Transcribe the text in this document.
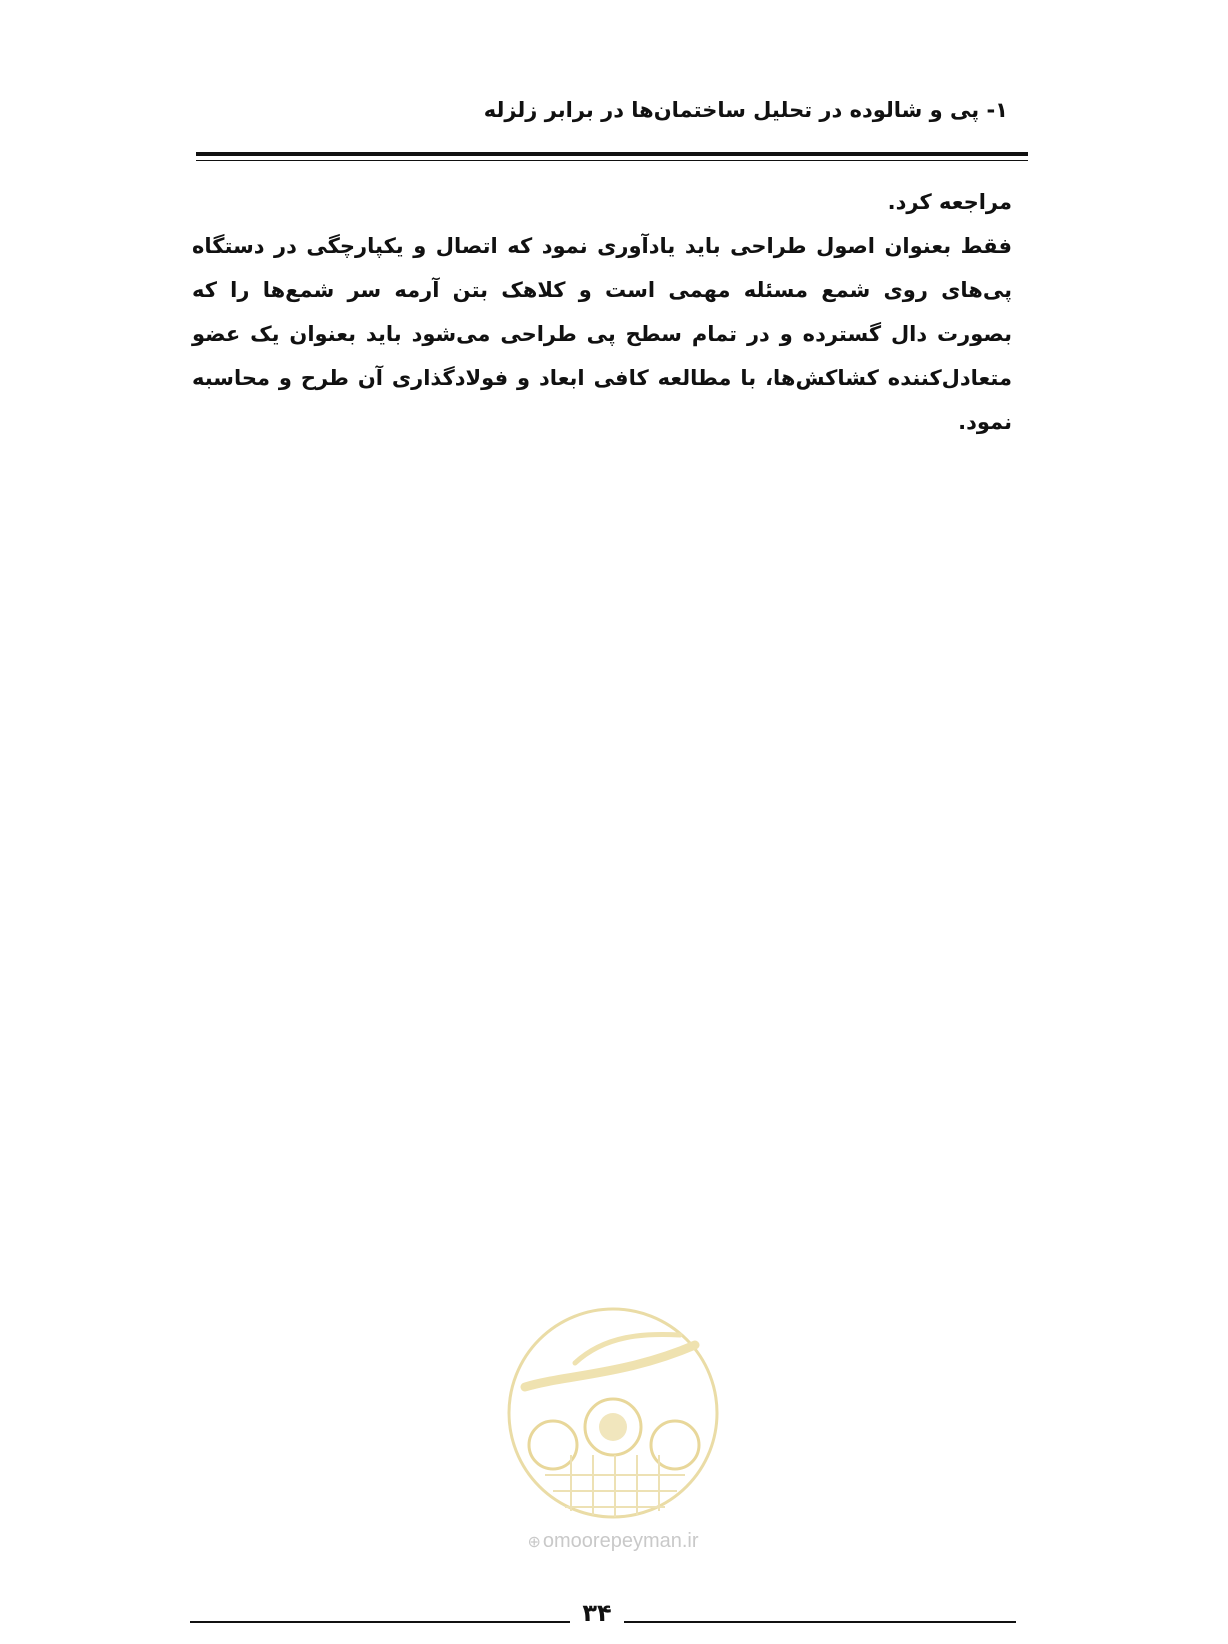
۱- پی و شالوده در تحلیل ساختمان‌ها در برابر زلزله

مراجعه کرد.

فقط بعنوان اصول طراحی باید یادآوری نمود که اتصال و یکپارچگی در دستگاه پی‌های روی شمع مسئله مهمی است و کلاهک بتن آرمه سر شمع‌ها را که بصورت دال گسترده و در تمام سطح پی طراحی می‌شود باید بعنوان یک عضو متعادل‌کننده کشاکش‌ها، با مطالعه کافی ابعاد و فولادگذاری آن طرح و محاسبه نمود.

⊕ omoorepeyman.ir
۳۴
